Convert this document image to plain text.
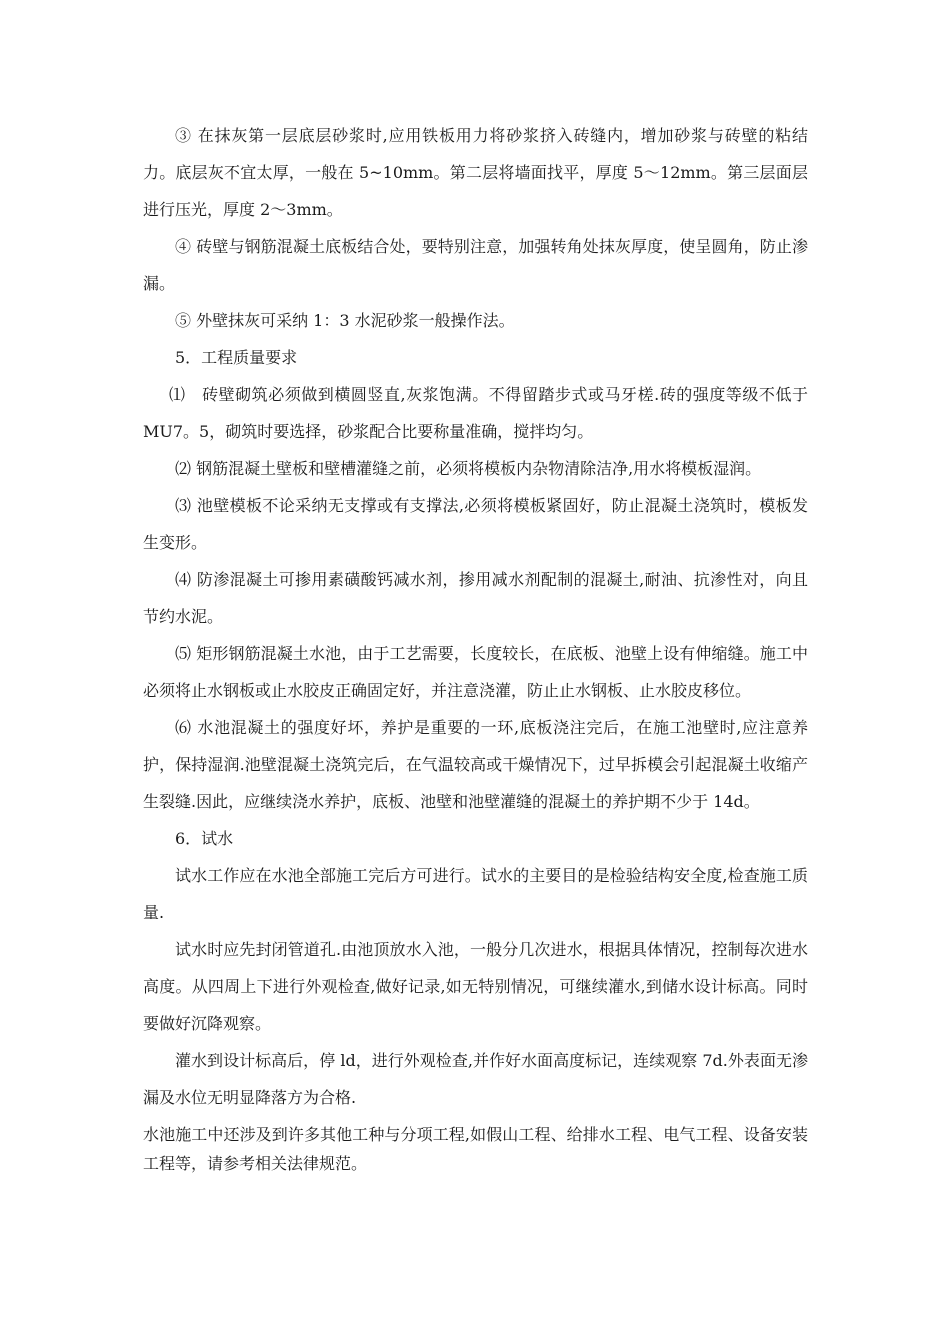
③ 在抹灰第一层底层砂浆时,应用铁板用力将砂浆挤入砖缝内，增加砂浆与砖壁的粘结力。底层灰不宜太厚，一般在 5~10mm。第二层将墙面找平，厚度 5～12mm。第三层面层进行压光，厚度 2～3mm。

④ 砖壁与钢筋混凝土底板结合处，要特别注意，加强转角处抹灰厚度，使呈圆角，防止渗漏。

⑤ 外壁抹灰可采纳 1：3 水泥砂浆一般操作法。

5．工程质量要求

⑴　砖壁砌筑必须做到横圆竖直,灰浆饱满。不得留踏步式或马牙槎.砖的强度等级不低于 MU7。5，砌筑时要选择，砂浆配合比要称量准确，搅拌均匀。

⑵ 钢筋混凝土壁板和壁槽灌缝之前，必须将模板内杂物清除洁净,用水将模板湿润。

⑶ 池壁模板不论采纳无支撑或有支撑法,必须将模板紧固好，防止混凝土浇筑时，模板发生变形。

⑷ 防渗混凝土可掺用素磺酸钙减水剂，掺用减水剂配制的混凝土,耐油、抗渗性对，向且节约水泥。

⑸ 矩形钢筋混凝土水池，由于工艺需要，长度较长，在底板、池壁上设有伸缩缝。施工中必须将止水钢板或止水胶皮正确固定好，并注意浇灌，防止止水钢板、止水胶皮移位。

⑹ 水池混凝土的强度好坏，养护是重要的一环,底板浇注完后，在施工池壁时,应注意养护，保持湿润.池壁混凝土浇筑完后，在气温较高或干燥情况下，过早拆模会引起混凝土收缩产生裂缝.因此，应继续浇水养护，底板、池壁和池壁灌缝的混凝土的养护期不少于 14d。

6．试水

试水工作应在水池全部施工完后方可进行。试水的主要目的是检验结构安全度,检查施工质量.

试水时应先封闭管道孔.由池顶放水入池，一般分几次进水，根据具体情况，控制每次进水高度。从四周上下进行外观检查,做好记录,如无特别情况，可继续灌水,到储水设计标高。同时要做好沉降观察。

灌水到设计标高后，停 ld，进行外观检查,并作好水面高度标记，连续观察 7d.外表面无渗漏及水位无明显降落方为合格.

水池施工中还涉及到许多其他工种与分项工程,如假山工程、给排水工程、电气工程、设备安装工程等，请参考相关法律规范。
